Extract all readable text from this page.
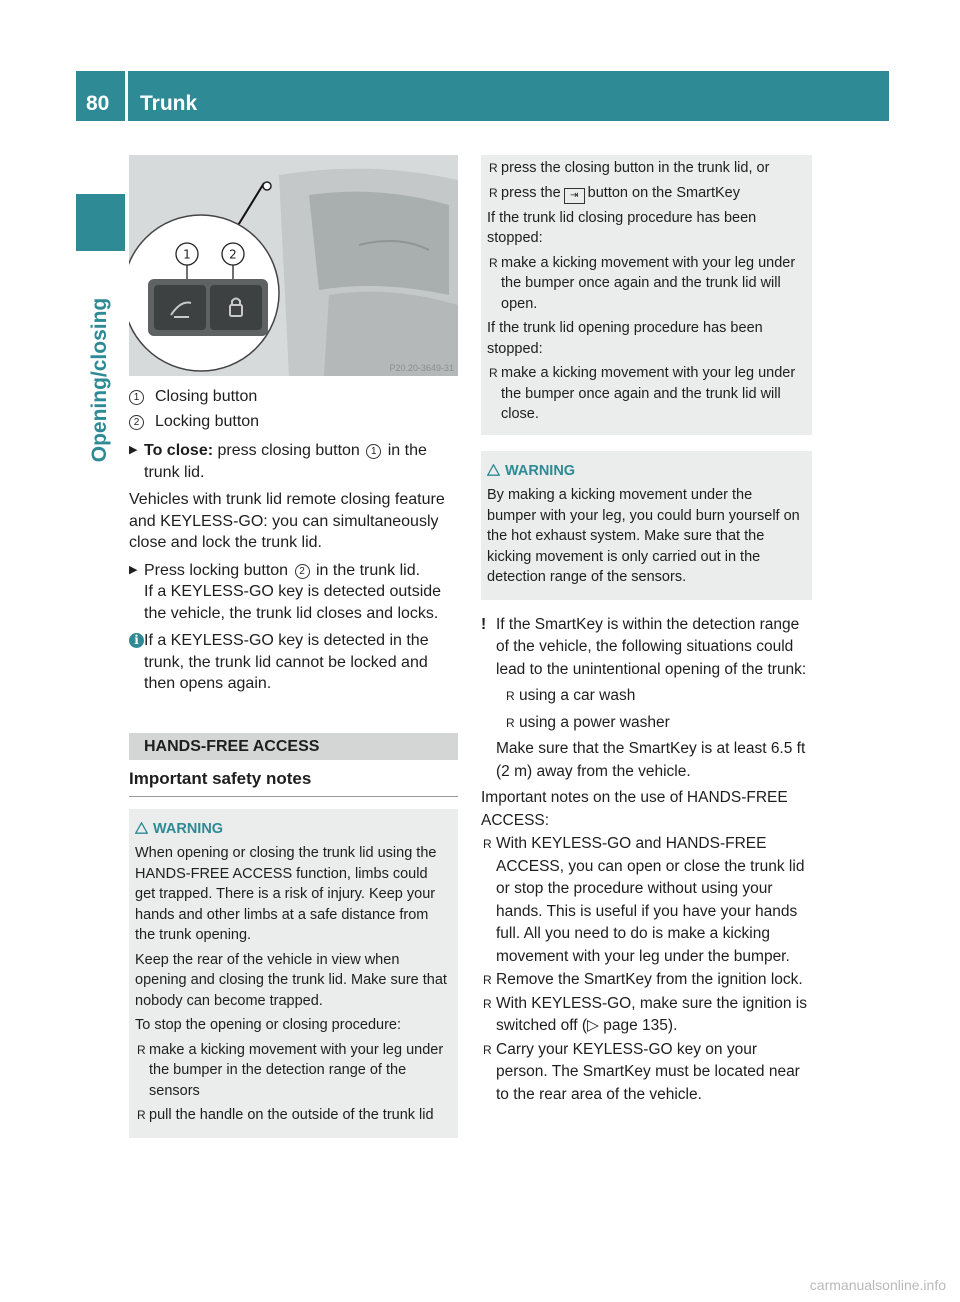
80 Trunk
Opening/closing
1	2
P20.20-3649-31
1 Closing button
2 Locking button
▶ To close: press closing button 1 in the trunk lid.

Vehicles with trunk lid remote closing feature and KEYLESS-GO: you can simultaneously close and lock the trunk lid.

▶ Press locking button 2 in the trunk lid.
If a KEYLESS-GO key is detected outside the vehicle, the trunk lid closes and locks.
i If a KEYLESS-GO key is detected in the trunk, the trunk lid cannot be locked and then opens again.
HANDS-FREE ACCESS
Important safety notes
WARNING

When opening or closing the trunk lid using the HANDS-FREE ACCESS function, limbs could get trapped. There is a risk of injury. Keep your hands and other limbs at a safe distance from the trunk opening.

Keep the rear of the vehicle in view when opening and closing the trunk lid. Make sure that nobody can become trapped.

To stop the opening or closing procedure:

R make a kicking movement with your leg under the bumper in the detection range of the sensors
R pull the handle on the outside of the trunk lid
R press the closing button in the trunk lid, or
R press the ⇥ button on the SmartKey

If the trunk lid closing procedure has been stopped:

R make a kicking movement with your leg under the bumper once again and the trunk lid will open.

If the trunk lid opening procedure has been stopped:

R make a kicking movement with your leg under the bumper once again and the trunk lid will close.
WARNING

By making a kicking movement under the bumper with your leg, you could burn yourself on the hot exhaust system. Make sure that the kicking movement is only carried out in the detection range of the sensors.

! If the SmartKey is within the detection range of the vehicle, the following situations could lead to the unintentional opening of the trunk:
R using a car wash
R using a power washer
Make sure that the SmartKey is at least 6.5 ft (2 m) away from the vehicle.

Important notes on the use of HANDS-FREE ACCESS:

R With KEYLESS-GO and HANDS-FREE ACCESS, you can open or close the trunk lid or stop the procedure without using your hands. This is useful if you have your hands full. All you need to do is make a kicking movement with your leg under the bumper.
R Remove the SmartKey from the ignition lock.
R With KEYLESS-GO, make sure the ignition is switched off (▷ page 135).
R Carry your KEYLESS-GO key on your person. The SmartKey must be located near to the rear area of the vehicle.
carmanualsonline.info
